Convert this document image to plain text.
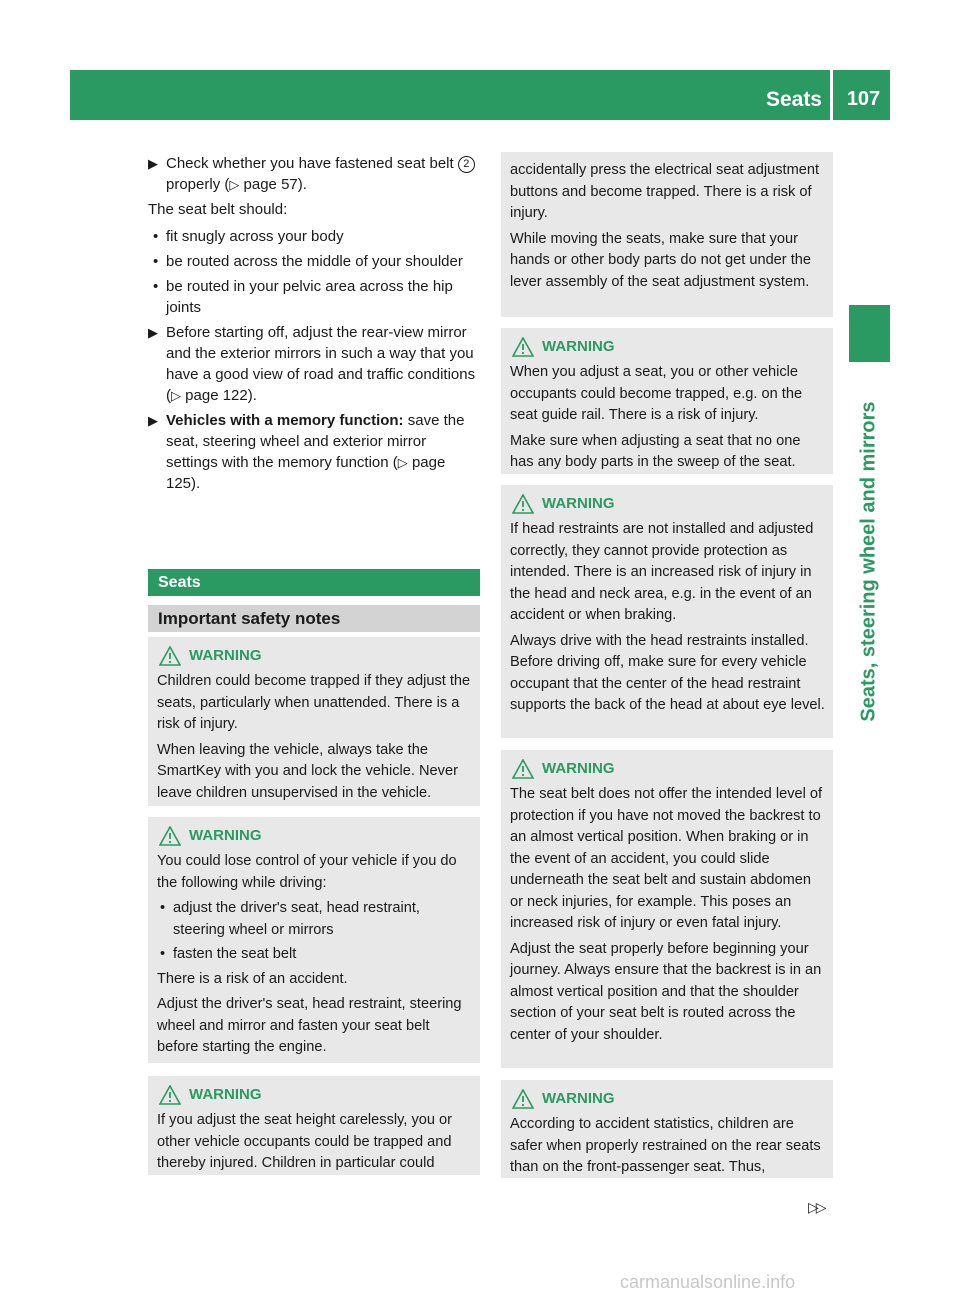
Seats	107
Seats, steering wheel and mirrors
▶ Check whether you have fastened seat belt 2 properly (▷ page 57).

The seat belt should:

• fit snugly across your body
• be routed across the middle of your shoulder
• be routed in your pelvic area across the hip joints
▶ Before starting off, adjust the rear-view mirror and the exterior mirrors in such a way that you have a good view of road and traffic conditions (▷ page 122).
▶ Vehicles with a memory function: save the seat, steering wheel and exterior mirror settings with the memory function (▷ page 125).
Seats
Important safety notes
WARNING

Children could become trapped if they adjust the seats, particularly when unattended. There is a risk of injury.

When leaving the vehicle, always take the SmartKey with you and lock the vehicle. Never leave children unsupervised in the vehicle.

WARNING

You could lose control of your vehicle if you do the following while driving:

• adjust the driver's seat, head restraint, steering wheel or mirrors
• fasten the seat belt

There is a risk of an accident.

Adjust the driver's seat, head restraint, steering wheel and mirror and fasten your seat belt before starting the engine.

WARNING

If you adjust the seat height carelessly, you or other vehicle occupants could be trapped and thereby injured. Children in particular could

accidentally press the electrical seat adjustment buttons and become trapped. There is a risk of injury.

While moving the seats, make sure that your hands or other body parts do not get under the lever assembly of the seat adjustment system.

WARNING

When you adjust a seat, you or other vehicle occupants could become trapped, e.g. on the seat guide rail. There is a risk of injury.

Make sure when adjusting a seat that no one has any body parts in the sweep of the seat.

WARNING

If head restraints are not installed and adjusted correctly, they cannot provide protection as intended. There is an increased risk of injury in the head and neck area, e.g. in the event of an accident or when braking.

Always drive with the head restraints installed. Before driving off, make sure for every vehicle occupant that the center of the head restraint supports the back of the head at about eye level.

WARNING

The seat belt does not offer the intended level of protection if you have not moved the backrest to an almost vertical position. When braking or in the event of an accident, you could slide underneath the seat belt and sustain abdomen or neck injuries, for example. This poses an increased risk of injury or even fatal injury.

Adjust the seat properly before beginning your journey. Always ensure that the backrest is in an almost vertical position and that the shoulder section of your seat belt is routed across the center of your shoulder.

WARNING

According to accident statistics, children are safer when properly restrained on the rear seats than on the front-passenger seat. Thus,

▷▷
carmanualsonline.info
